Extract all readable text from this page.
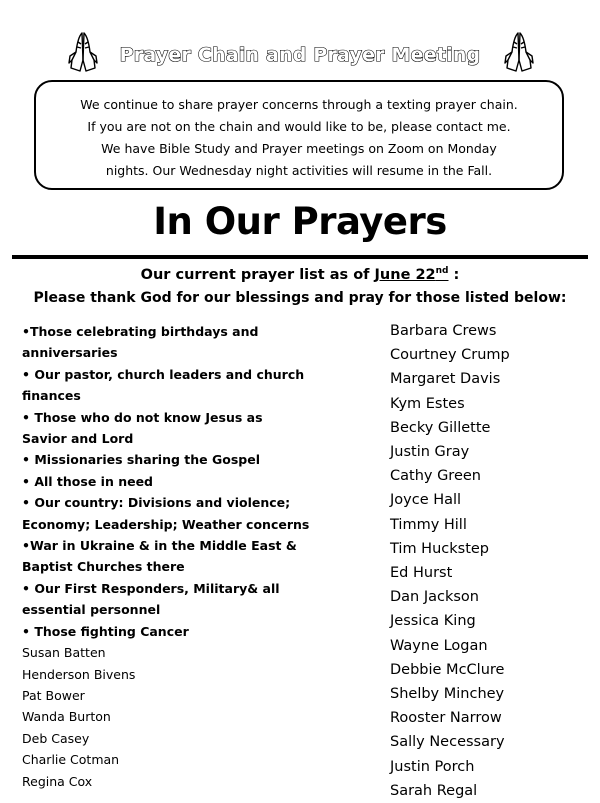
Prayer Chain and Prayer Meeting
We continue to share prayer concerns through a texting prayer chain.
If you are not on the chain and would like to be, please contact me.
We have Bible Study and Prayer meetings on Zoom on Monday
nights. Our Wednesday night activities will resume in the Fall.
In Our Prayers
Our current prayer list as of June 22nd :
Please thank God for our blessings and pray for those listed below:
•Those celebrating birthdays and
anniversaries
• Our pastor, church leaders and church
finances
• Those who do not know Jesus as
Savior and Lord
• Missionaries sharing the Gospel
• All those in need
• Our country: Divisions and violence;
Economy; Leadership; Weather concerns
•War in Ukraine & in the Middle East &
Baptist Churches there
• Our First Responders, Military& all
essential personnel
• Those fighting Cancer
Susan Batten
Henderson Bivens
Pat Bower
Wanda Burton
Deb Casey
Charlie Cotman
Regina Cox
Barbara Crews
Courtney Crump
Margaret Davis
Kym Estes
Becky Gillette
Justin Gray
Cathy Green
Joyce Hall
Timmy Hill
Tim Huckstep
Ed Hurst
Dan Jackson
Jessica King
Wayne Logan
Debbie McClure
Shelby Minchey
Rooster Narrow
Sally Necessary
Justin Porch
Sarah Regal
